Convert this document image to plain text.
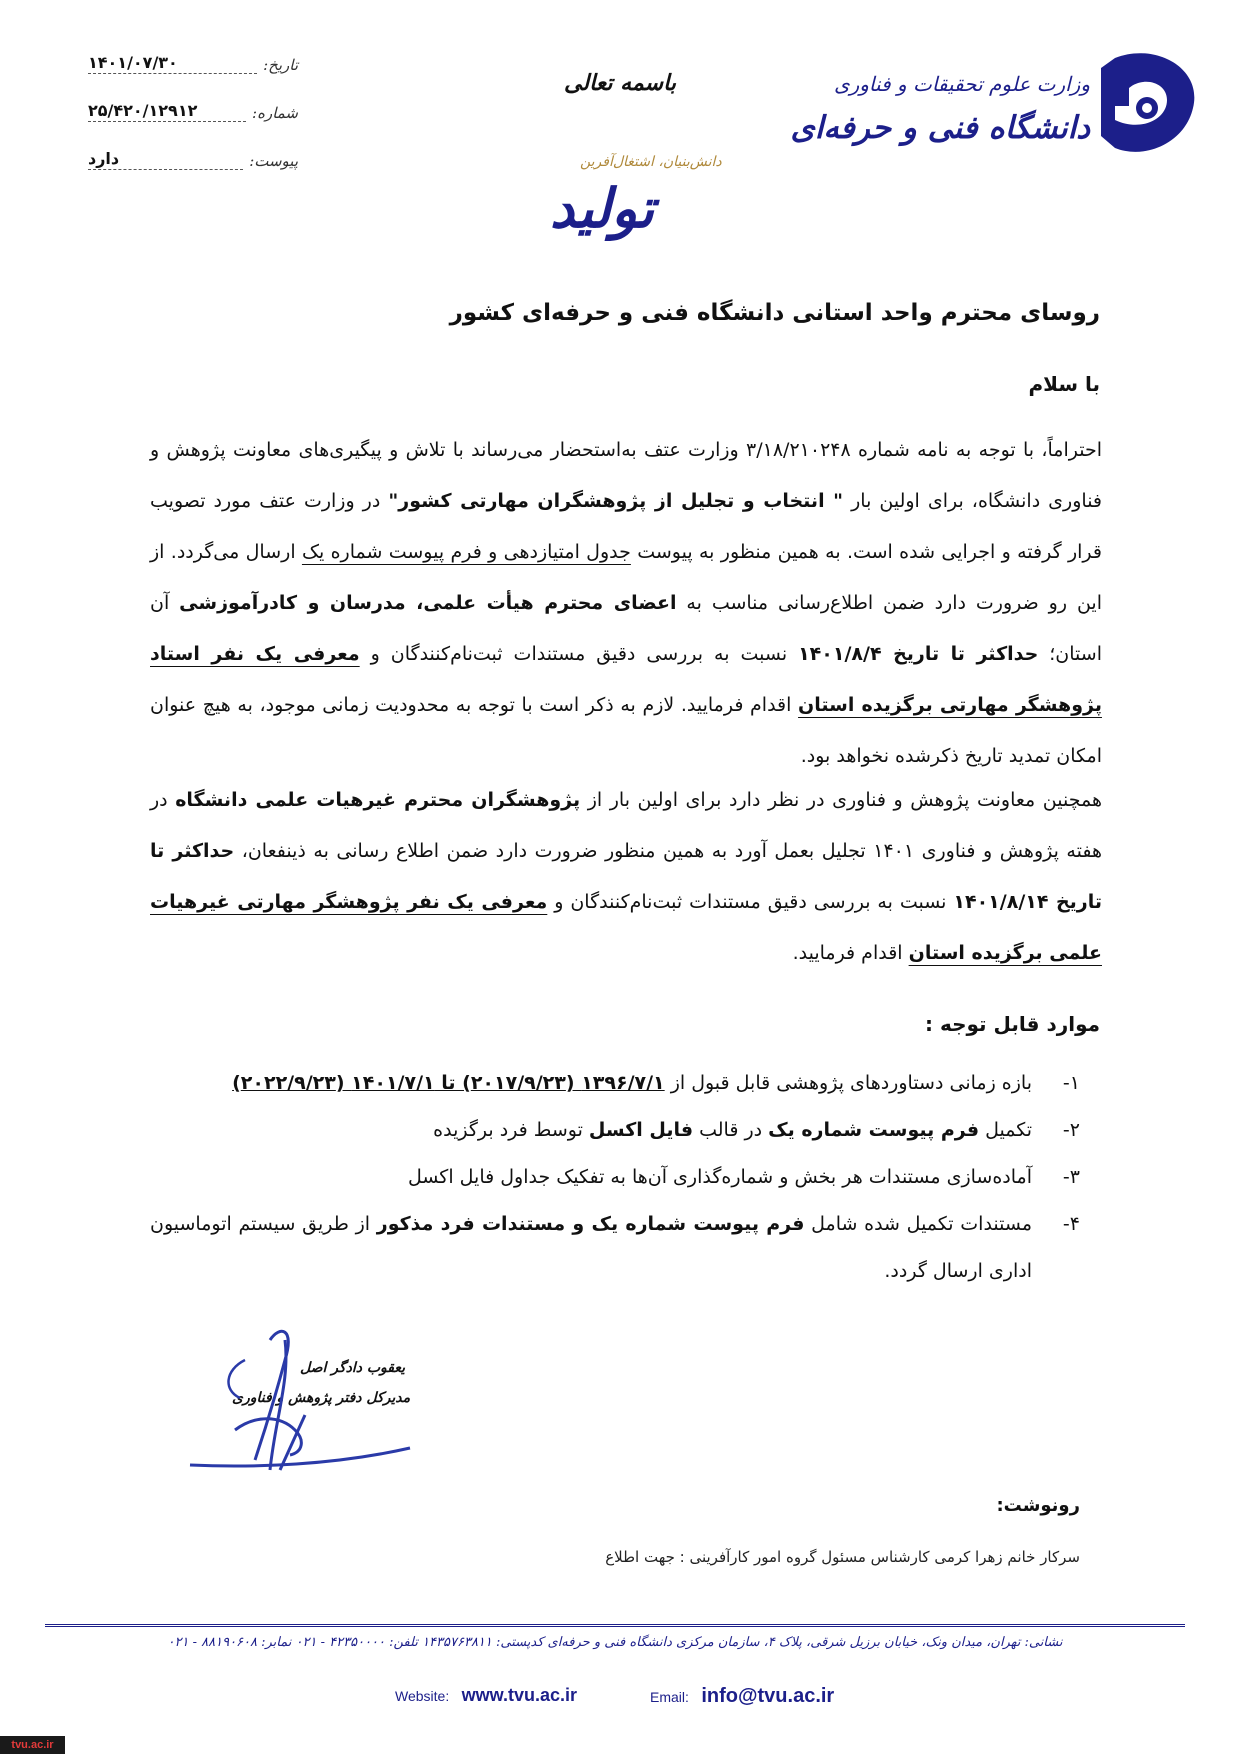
تاریخ:
۱۴۰۱/۰۷/۳۰
شماره:
۲۵/۴۲۰/۱۲۹۱۲
پیوست:
دارد
باسمه تعالی
دانش‌بنیان، اشتغال‌آفرین
تولید
وزارت علوم تحقیقات و فناوری
دانشگاه فنی و حرفه‌ای
روسای محترم واحد استانی دانشگاه فنی و حرفه‌ای کشور
با سلام
احتراماً، با توجه به نامه شماره ۳/۱۸/۲۱۰۲۴۸ وزارت عتف به‌استحضار می‌رساند با تلاش و پیگیری‌های معاونت پژوهش و فناوری دانشگاه، برای اولین بار " انتخاب و تجلیل از پژوهشگران مهارتی کشور" در وزارت عتف مورد تصویب قرار گرفته و اجرایی شده است. به همین منظور به پیوست جدول امتیازدهی و فرم پیوست شماره یک ارسال می‌گردد. از این رو ضرورت دارد ضمن اطلاع‌رسانی مناسب به اعضای محترم هیأت علمی، مدرسان و کادرآموزشی آن استان؛ حداکثر تا تاریخ ۱۴۰۱/۸/۴ نسبت به بررسی دقیق مستندات ثبت‌نام‌کنندگان و معرفی یک نفر استاد پژوهشگر مهارتی برگزیده استان اقدام فرمایید. لازم به ذکر است با توجه به محدودیت زمانی موجود، به هیچ عنوان امکان تمدید تاریخ ذکرشده نخواهد بود.
همچنین معاونت پژوهش و فناوری در نظر دارد برای اولین بار از پژوهشگران محترم غیرهیات علمی دانشگاه در هفته پژوهش و فناوری ۱۴۰۱ تجلیل بعمل آورد به همین منظور ضرورت دارد ضمن اطلاع رسانی به ذینفعان، حداکثر تا تاریخ ۱۴۰۱/۸/۱۴ نسبت به بررسی دقیق مستندات ثبت‌نام‌کنندگان و معرفی یک نفر پژوهشگر مهارتی غیرهیات علمی برگزیده استان اقدام فرمایید.
موارد قابل توجه :
۱-
بازه زمانی دستاوردهای پژوهشی قابل قبول از ۱۳۹۶/۷/۱ (۲۰۱۷/۹/۲۳) تا ۱۴۰۱/۷/۱ (۲۰۲۲/۹/۲۳)
۲-
تکمیل فرم پیوست شماره یک در قالب فایل اکسل توسط فرد برگزیده
۳-
آماده‌سازی مستندات هر بخش و شماره‌گذاری آن‌ها به تفکیک جداول فایل اکسل
۴-
مستندات تکمیل شده شامل فرم پیوست شماره یک و مستندات فرد مذکور از طریق سیستم اتوماسیون اداری ارسال گردد.
یعقوب دادگر اصل
مدیرکل دفتر پژوهش و فناوری
رونوشت:
سرکار خانم زهرا کرمی کارشناس مسئول گروه امور کارآفرینی : جهت اطلاع
نشانی: تهران، میدان ونک، خیابان برزیل شرقی، پلاک ۴، سازمان مرکزی دانشگاه فنی و حرفه‌ای کدپستی: ۱۴۳۵۷۶۳۸۱۱ تلفن: ۴۲۳۵۰۰۰۰ - ۰۲۱ نمابر: ۸۸۱۹۰۶۰۸ - ۰۲۱
Website: www.tvu.ac.ir	Email: info@tvu.ac.ir
tvu.ac.ir
